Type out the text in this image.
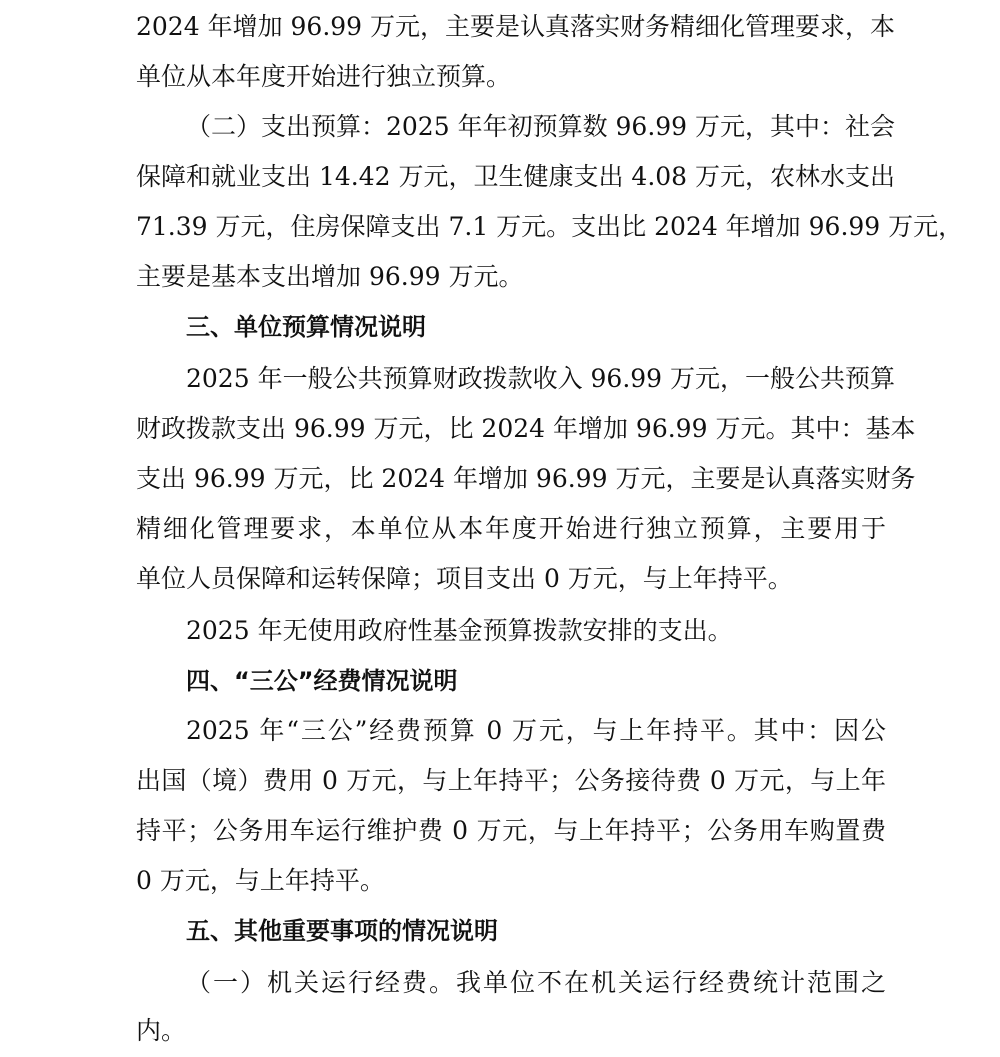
2024 年增加 96.99 万元，主要是认真落实财务精细化管理要求，本
单位从本年度开始进行独立预算。
（二）支出预算：2025 年年初预算数 96.99 万元，其中：社会
保障和就业支出 14.42 万元，卫生健康支出 4.08 万元，农林水支出
71.39 万元，住房保障支出 7.1 万元。支出比 2024 年增加 96.99 万元，
主要是基本支出增加 96.99 万元。
三、单位预算情况说明
2025 年一般公共预算财政拨款收入 96.99 万元，一般公共预算
财政拨款支出 96.99 万元，比 2024 年增加 96.99 万元。其中：基本
支出 96.99 万元，比 2024 年增加 96.99 万元，主要是认真落实财务
精细化管理要求，本单位从本年度开始进行独立预算，主要用于
单位人员保障和运转保障；项目支出 0 万元，与上年持平。
2025 年无使用政府性基金预算拨款安排的支出。
四、“三公”经费情况说明
2025 年“三公”经费预算 0 万元，与上年持平。其中：因公
出国（境）费用 0 万元，与上年持平；公务接待费 0 万元，与上年
持平；公务用车运行维护费 0 万元，与上年持平；公务用车购置费
0 万元，与上年持平。
五、其他重要事项的情况说明
（一）机关运行经费。我单位不在机关运行经费统计范围之
内。
